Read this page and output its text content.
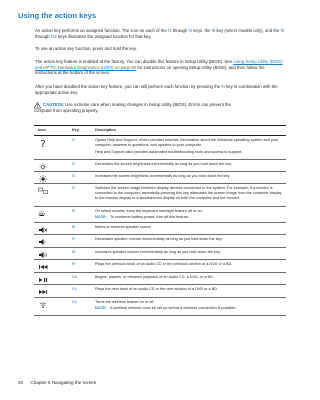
Using the action keys

An action key performs an assigned function. The icon on each of the f1 through f4 keys, the f5 key (select models only), and the f6 through f12 keys illustrates the assigned function for that key.

To use an action key function, press and hold the key.

The action key feature is enabled at the factory. You can disable this feature in Setup Utility (BIOS). See Using Setup Utility (BIOS) and HP PC Hardware Diagnostics (UEFI) on page 80 for instructions on opening Setup Utility (BIOS), and then follow the instructions at the bottom of the screen.

After you have disabled the action key feature, you can still perform each function by pressing the fn key in combination with the appropriate action key.

CAUTION: Use extreme care when making changes in Setup Utility (BIOS). Errors can prevent the
computer from operating properly.
Icon	Key	Description
?	f1	Opens Help and Support, which provides tutorials, information about the Windows operating system and your computer, answers to questions, and updates to your computer.

Help and Support also provides automated troubleshooting tools and access to support.

f2	Decreases the screen brightness incrementally as long as you hold down the key.

f3	Increases the screen brightness incrementally as long as you hold down the key.

f4	Switches the screen image between display devices connected to the system. For example, if a monitor is connected to the computer, repeatedly pressing this key alternates the screen image from the computer display to the monitor display to a simultaneous display on both the computer and the monitor.

f5	On select models, turns the keyboard backlight feature off or on.

NOTE: To conserve battery power, turn off this feature.

f6	Mutes or restores speaker sound.

f7	Decreases speaker volume incrementally as long as you hold down the key.

f8	Increases speaker volume incrementally as long as you hold down the key.

f9	Plays the previous track of an audio CD or the previous section of a DVD or a BD.

f10	Begins, pauses, or resumes playback of an audio CD, a DVD, or a BD.

f11	Plays the next track of an audio CD or the next section of a DVD or a BD.

f12	Turns the wireless feature on or off.

NOTE: A wireless network must be set up before a wireless connection is possible.

40 Chapter 5 Navigating the screen
